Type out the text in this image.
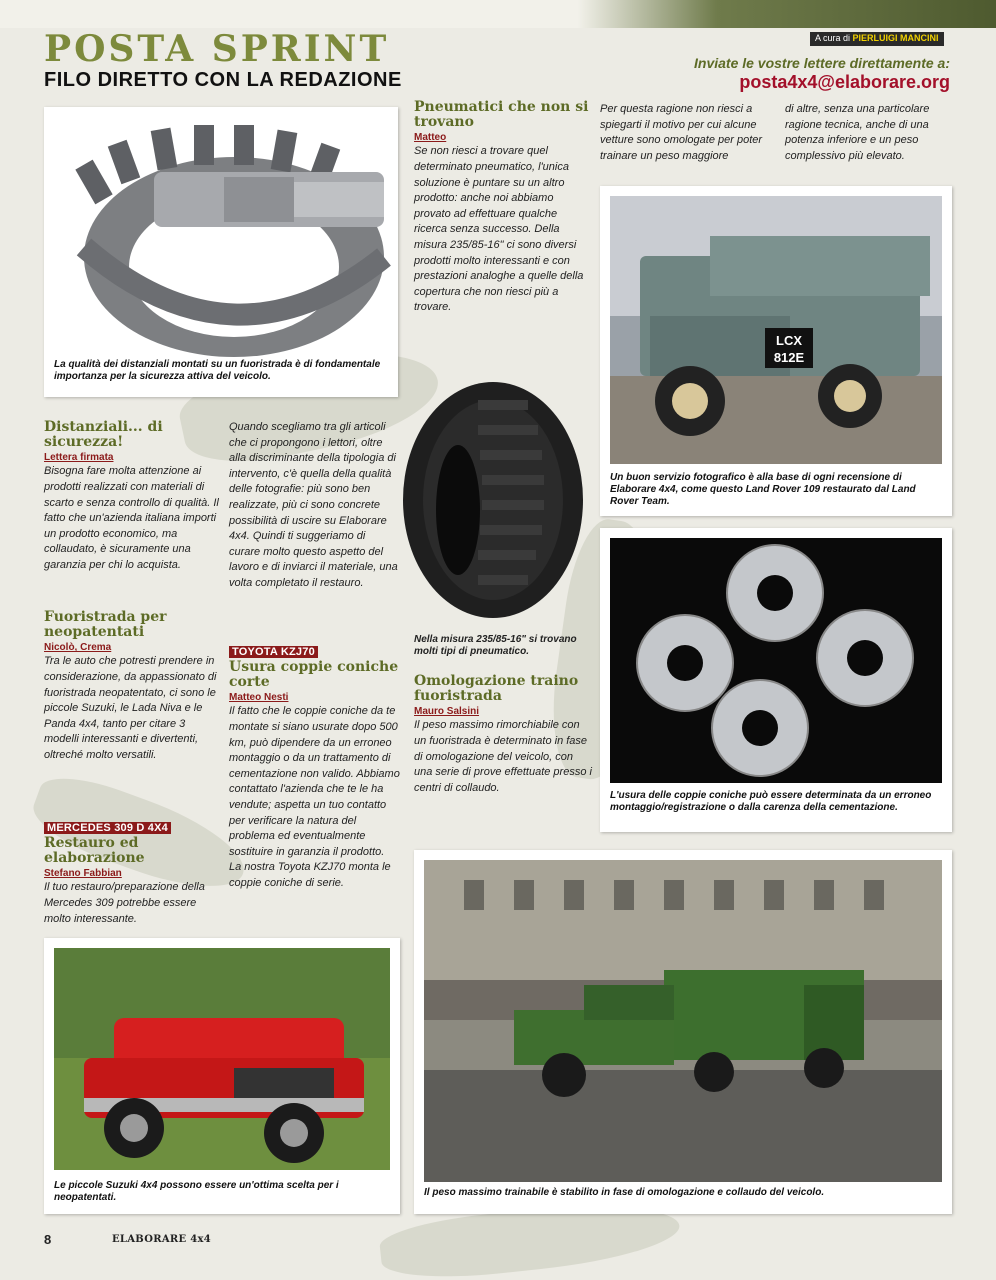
A cura di PIERLUIGI MANCINI
POSTA SPRINT
FILO DIRETTO CON LA REDAZIONE
Inviate le vostre lettere direttamente a:
posta4x4@elaborare.org
La qualità dei distanziali montati su un fuoristrada è di fondamentale importanza per la sicurezza attiva del veicolo.
Pneumatici che non si trovano
Matteo
Se non riesci a trovare quel determinato pneumatico, l'unica soluzione è puntare su un altro prodotto: anche noi abbiamo provato ad effettuare qualche ricerca senza successo. Della misura 235/85-16" ci sono diversi prodotti molto interessanti e con prestazioni analoghe a quelle della copertura che non riesci più a trovare.
Per questa ragione non riesci a spiegarti il motivo per cui alcune vetture sono omologate per poter trainare un peso maggiore
di altre, senza una particolare ragione tecnica, anche di una potenza inferiore e un peso complessivo più elevato.
LCX
812E
Un buon servizio fotografico è alla base di ogni recensione di Elaborare 4x4, come questo Land Rover 109 restaurato dal Land Rover Team.
Nella misura 235/85-16" si trovano molti tipi di pneumatico.
Distanziali... di sicurezza!
Lettera firmata
Bisogna fare molta attenzione ai prodotti realizzati con materiali di scarto e senza controllo di qualità. Il fatto che un'azienda italiana importi un prodotto economico, ma collaudato, è sicuramente una garanzia per chi lo acquista.
Quando scegliamo tra gli articoli che ci propongono i lettori, oltre alla discriminante della tipologia di intervento, c'è quella della qualità delle fotografie: più sono ben realizzate, più ci sono concrete possibilità di uscire su Elaborare 4x4. Quindi ti suggeriamo di curare molto questo aspetto del lavoro e di inviarci il materiale, una volta completato il restauro.
Fuoristrada per neopatentati
Nicolò, Crema
Tra le auto che potresti prendere in considerazione, da appassionato di fuoristrada neopatentato, ci sono le piccole Suzuki, le Lada Niva e le Panda 4x4, tanto per citare 3 modelli interessanti e divertenti, oltreché molto versatili.
MERCEDES 309 D 4X4
Restauro ed elaborazione
Stefano Fabbian
Il tuo restauro/preparazione della Mercedes 309 potrebbe essere molto interessante.
TOYOTA KZJ70
Usura coppie coniche corte
Matteo Nesti
Il fatto che le coppie coniche da te montate si siano usurate dopo 500 km, può dipendere da un erroneo montaggio o da un trattamento di cementazione non valido. Abbiamo contattato l'azienda che te le ha vendute; aspetta un tuo contatto per verificare la natura del problema ed eventualmente sostituire in garanzia il prodotto.
La nostra Toyota KZJ70 monta le coppie coniche di serie.
Omologazione traino fuoristrada
Mauro Salsini
Il peso massimo rimorchiabile con un fuoristrada è determinato in fase di omologazione del veicolo, con una serie di prove effettuate presso i centri di collaudo.
L'usura delle coppie coniche può essere determinata da un erroneo montaggio/registrazione o dalla carenza della cementazione.
Le piccole Suzuki 4x4 possono essere un'ottima scelta per i neopatentati.	Il peso massimo trainabile è stabilito in fase di omologazione e collaudo del veicolo.
8	ELABORARE 4x4
